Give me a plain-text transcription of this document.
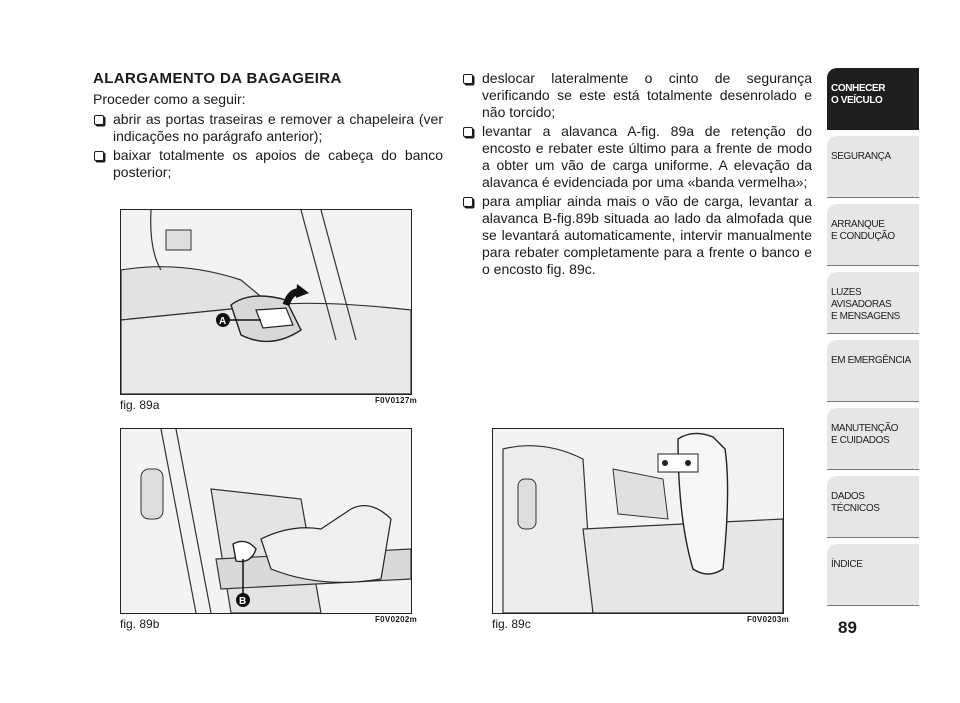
ALARGAMENTO DA BAGAGEIRA
Proceder como a seguir:
abrir as portas traseiras e remover a chapeleira (ver indicações no parágrafo anterior);
baixar totalmente os apoios de cabeça do banco posterior;
deslocar lateralmente o cinto de segurança verificando se este está totalmente desenrolado e não torcido;
levantar a alavanca A-fig. 89a de retenção do encosto e rebater este último para a frente de modo a obter um vão de carga uniforme. A elevação da alavanca é evidenciada por uma «banda vermelha»;
para ampliar ainda mais o vão de carga, levantar a alavanca B-fig.89b situada ao lado da almofada que se levantará automaticamente, intervir manualmente para rebater completamente para a frente o banco e o encosto fig. 89c.
A
fig. 89a	F0V0127m
B
fig. 89b	F0V0202m	fig. 89c	F0V0203m
CONHECER
O VEÍCULO
SEGURANÇA
ARRANQUE
E CONDUÇÃO
LUZES AVISADORAS
E MENSAGENS
EM EMERGÊNCIA
MANUTENÇÃO
E CUIDADOS
DADOS TÉCNICOS
ÍNDICE
89
